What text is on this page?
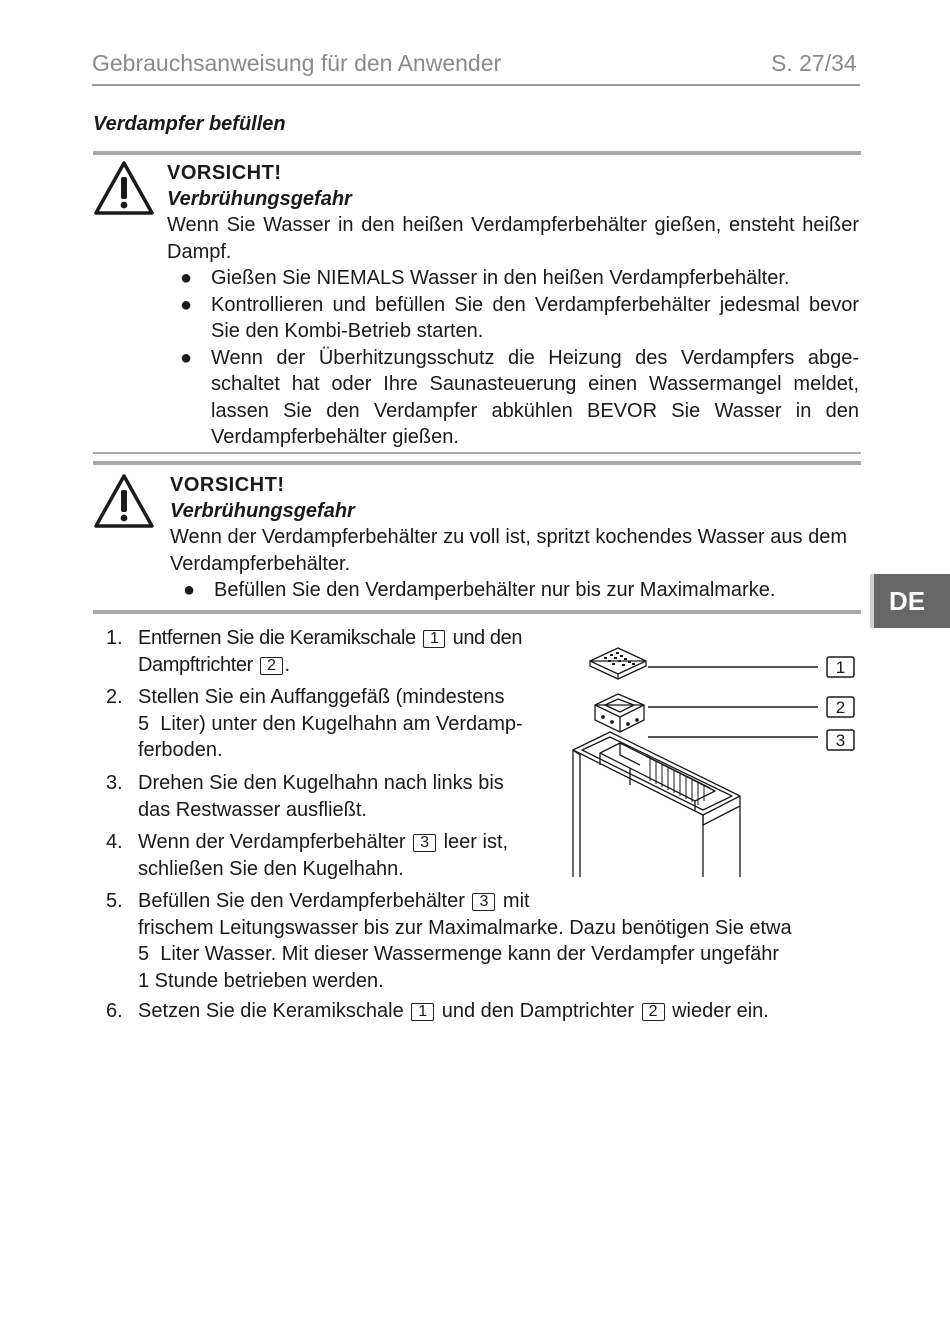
Gebrauchsanweisung für den Anwender	S. 27/34
Verdampfer befüllen
VORSICHT!
Verbrühungsgefahr
Wenn Sie Wasser in den heißen Verdampferbehälter gießen, ensteht heißer Dampf.
● Gießen Sie NIEMALS Wasser in den heißen Verdampferbehälter.
● Kontrollieren und befüllen Sie den Verdampferbehälter jedesmal bevor Sie den Kombi-Betrieb starten.
● Wenn der Überhitzungsschutz die Heizung des Verdampfers abge-schaltet hat oder Ihre Saunasteuerung einen Wassermangel meldet, lassen Sie den Verdampfer abkühlen BEVOR Sie Wasser in den Verdampferbehälter gießen.
VORSICHT!
Verbrühungsgefahr
Wenn der Verdampferbehälter zu voll ist, spritzt kochendes Wasser aus dem Verdampferbehälter.
● Befüllen Sie den Verdamperbehälter nur bis zur Maximalmarke.	DE
1. Entfernen Sie die Keramikschale 1 und den
Dampftrichter 2 .
2. Stellen Sie ein Auffanggefäß (mindestens
5  Liter) unter den Kugelhahn am Verdamp-
ferboden.
3. Drehen Sie den Kugelhahn nach links bis
das Restwasser ausfließt.
4. Wenn der Verdampferbehälter 3 leer ist,
schließen Sie den Kugelhahn.
5. Befüllen Sie den Verdampferbehälter 3 mit
frischem Leitungswasser bis zur Maximalmarke. Dazu benötigen Sie etwa
5  Liter Wasser. Mit dieser Wassermenge kann der Verdampfer ungefähr
1 Stunde betrieben werden.
6. Setzen Sie die Keramikschale 1 und den Damptrichter 2 wieder ein.
1
2
3
